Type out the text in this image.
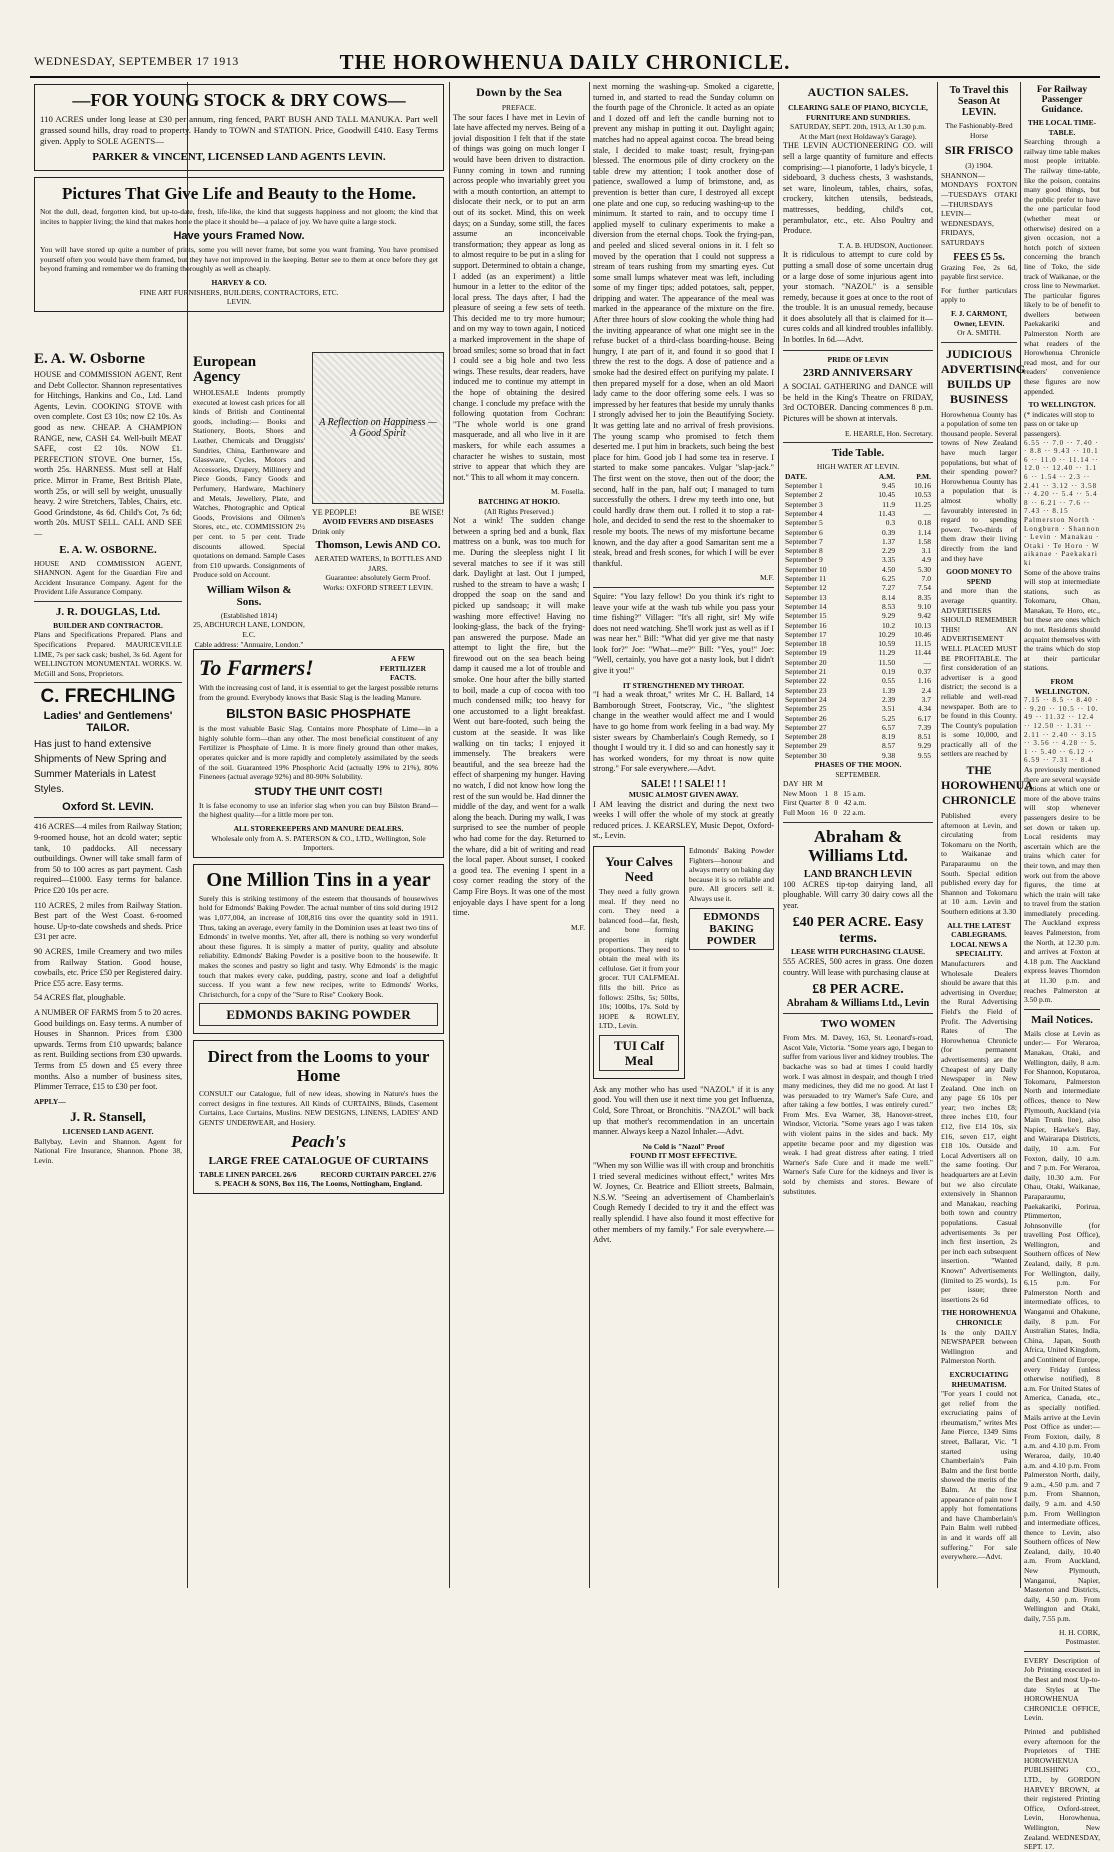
WEDNESDAY, SEPTEMBER 17 1913	THE HOROWHENUA DAILY CHRONICLE.
E. A. W. Osborne

HOUSE and COMMISSION AGENT, Rent and Debt Collector. Shannon representatives for Hitchings, Hankins and Co., Ltd. Land Agents, Levin. COOKING STOVE with oven complete. Cost £3 10s; now £2 10s. As good as new. CHEAP. A CHAMPION RANGE, new, CASH £4. Well-built MEAT SAFE, cost £2 10s. NOW £1. PERFECTION STOVE. One burner, 15s, worth 25s. HARNESS. Must sell at Half price. Mirror in Frame, Best British Plate, worth 25s, or will sell by weight, unusually heavy. 2 wire Stretchers, Tables, Chairs, etc. Good Grindstone, 4s 6d. Child's Cot, 7s 6d; worth 20s. MUST SELL. CALL AND SEE—

E. A. W. OSBORNE.

HOUSE AND COMMISSION AGENT, SHANNON. Agent for the Guardian Fire and Accident Insurance Company. Agent for the Provident Life Assurance Company.

J. R. DOUGLAS, Ltd.
BUILDER AND CONTRACTOR.

Plans and Specifications Prepared. Plans and Specifications Prepared. MAURICEVILLE LIME, 7s per sack cask; bushel, 3s 6d. Agent for WELLINGTON MONUMENTAL WORKS. W. McGill and Sons, Proprietors.

C. FRECHLING
Ladies' and Gentlemens' TAILOR.

Has just to hand extensive Shipments of New Spring and Summer Materials in Latest Styles.

Oxford St. LEVIN.

416 ACRES—4 miles from Railway Station; 9-roomed house, hot an dcold water; septic tank, 10 paddocks. All necessary outbuildings. Owner will take small farm of from 50 to 100 acres as part payment. Cash required—£1000. Easy terms for balance. Price £20 10s per acre.

110 ACRES, 2 miles from Railway Station. Best part of the West Coast. 6-roomed house. Up-to-date cowsheds and sheds. Price £31 per acre.

90 ACRES, 1mile Creamery and two miles from Railway Station. Good house, cowbails, etc. Price £50 per Registered dairy. Price £55 acre. Easy terms.

54 ACRES flat, ploughable.

A NUMBER OF FARMS from 5 to 20 acres. Good buildings on. Easy terms. A number of Houses in Shannon. Prices from £300 upwards. Terms from £10 upwards; balance as rent. Building sections from £30 upwards. Terms from £5 down and £5 every three months. Also a number of business sites, Plimmer Terrace, £15 to £30 per foot.

APPLY—
J. R. Stansell,
LICENSED LAND AGENT.

Ballybay, Levin and Shannon. Agent for National Fire Insurance, Shannon. Phone 38, Levin.

—FOR YOUNG STOCK & DRY COWS—

110 ACRES under long lease at £30 per annum, ring fenced, PART BUSH AND TALL MANUKA. Part well grassed sound hills, dray road to property. Handy to TOWN and STATION. Price, Goodwill £410. Easy Terms given. Apply to SOLE AGENTS—

PARKER & VINCENT, LICENSED LAND AGENTS LEVIN.
Pictures That Give Life and Beauty to the Home.

Not the dull, dead, forgotten kind, but up-to-date, fresh, life-like, the kind that suggests happiness and not gloom; the kind that incites to happier living; the kind that makes home the place it should be—a palace of joy. We have quite a large stock.

Have yours Framed Now.

You will have stored up quite a number of prints, some you will never frame, but some you want framing. You have promised yourself often you would have them framed, but they have not improved in the keeping. Better see to them at once before they get beyond framing and remember we do framing thoroughly as well as cheaply.

HARVEY & CO.
FINE ART FURNISHERS, BUILDERS, CONTRACTORS, ETC.
LEVIN.
European Agency

WHOLESALE Indents promptly executed at lowest cash prices for all kinds of British and Continental goods, including:— Books and Stationery, Boots, Shoes and Leather, Chemicals and Druggists' Sundries, China, Earthenware and Glassware, Cycles, Motors and Accessories, Drapery, Millinery and Piece Goods, Fancy Goods and Perfumery, Hardware, Machinery and Metals, Jewellery, Plate, and Watches, Photographic and Optical Goods, Provisions and Oilmen's Stores, etc., etc. COMMISSION 2½ per cent. to 5 per cent. Trade discounts allowed. Special quotations on demand. Sample Cases from £10 upwards. Consignments of Produce sold on Account.

William Wilson & Sons.
(Established 1814)
25, ABCHURCH LANE, LONDON, E.C.
Cable address: "Annuaire, London."
A Reflection on Happiness — A Good Spirit
YE PEOPLE!	BE WISE!
AVOID FEVERS AND DISEASES
Drink only
Thomson, Lewis AND CO.
AERATED WATERS, In BOTTLES AND JARS.
Guarantee: absolutely Germ Proof.
Works: OXFORD STREET LEVIN.
To Farmers!	A FEW FERTILIZER FACTS.

With the increasing cost of land, it is essential to get the largest possible returns from the ground. Everybody knows that Basic Slag is the leading Manure.

BILSTON BASIC PHOSPHATE

is the most valuable Basic Slag. Contains more Phosphate of Lime—in a highly soluble form—than any other. The most beneficial constituent of any Fertilizer is Phosphate of Lime. It is more finely ground than other makes, operates quicker and is more rapidly and completely assimilated by the seeds of the soil. Guaranteed 19% Phosphoric Acid (actually 19% to 21%), 80% Finenees (actual average 92%) and 80-90% Solubility.

STUDY THE UNIT COST!

It is false economy to use an inferior slag when you can buy Bilston Brand—the highest quality—for a little more per ton.

ALL STOREKEEPERS AND MANURE DEALERS.
Wholesale only from A. S. PATERSON & CO., LTD., Wellington, Sole Importers.
One Million Tins in a year

Surely this is striking testimony of the esteem that thousands of housewives hold for Edmonds' Baking Powder. The actual number of tins sold during 1912 was 1,077,004, an increase of 108,816 tins over the quantity sold in 1911. Thus, taking an average, every family in the Dominion uses at least two tins of Edmonds' in twelve months. Yet, after all, there is nothing so very wonderful about these figures. It is simply a matter of purity, quality and absolute reliability. Edmonds' Baking Powder is a positive boon to the housewife. It makes the scones and pastry so light and tasty. Why Edmonds' is the magic touch that makes every cake, pudding, pastry, scone and loaf a delightful success. If you want a few new recipes, write to Edmonds' Works, Christchurch, for a copy of the "Sure to Rise" Cookery Book.

EDMONDS BAKING POWDER
Direct from the Looms to your Home

CONSULT our Catalogue, full of new ideas, showing in Nature's hues the correct designs in fine textures. All Kinds of CURTAINS, Blinds, Casement Curtains, Lace Curtains, Muslins. NEW DESIGNS, LINENS, LADIES' AND GENTS' UNDERWEAR, and Hosiery.

Peach's
LARGE FREE CATALOGUE OF CURTAINS
TABLE LINEN PARCEL 26/6	RECORD CURTAIN PARCEL 27/6
S. PEACH & SONS, Box 116, The Looms, Nottingham, England.
Down by the Sea
PREFACE.

The sour faces I have met in Levin of late have affected my nerves. Being of a jovial disposition I felt that if the state of things was going on much longer I would have been driven to distraction. Funny coming in town and running across people who invariably greet you with a mouth contortion, an attempt to dislocate their neck, or to put an arm out of its socket. Mind, this on week days; on a Sunday, some still, the faces assume an inconceivable transformation; they appear as long as to almost require to be put in a sling for support. Determined to obtain a change, I added (as an experiment) a little humour in a letter to the editor of the local press. The days after, I had the pleasure of seeing a few sets of teeth. This decided me to try more humour; and on my way to town again, I noticed a marked improvement in the shape of broad smiles; some so broad that in fact I could see a big hole and two less wings. These results, dear readers, have induced me to continue my attempt in the hope of obtaining the desired change. I conclude my preface with the following quotation from Cochran: "The whole world is one grand masquerade, and all who live in it are maskers, for while each assumes a character he wishes to sustain, most strive to appear that which they are not." This to all whom it may concern.

M. Fosella.
BATCHING AT HOKIO.
(All Rights Preserved.)

Not a wink! The sudden change between a spring bed and a bunk, flax mattress on a bunk, was too much for me. During the sleepless night I lit several matches to see if it was still dark. Daylight at last. Out I jumped, rushed to the stream to have a wash; I dropped the soap on the sand and picked up sandsoap; it will make washing more effective! Having no looking-glass, the back of the frying-pan answered the purpose. Made an attempt to light the fire, but the firewood out on the sea beach being damp it caused me a lot of trouble and smoke. One hour after the billy started to boil, made a cup of cocoa with too much condensed milk; too heavy for one accustomed to a light breakfast. Went out bare-footed, such being the custom at the seaside. It was like walking on tin tacks; I enjoyed it immensely. The breakers were beautiful, and the sea breeze had the effect of sharpening my hunger. Having no watch, I did not know how long the rest of the sun would be. Had dinner the middle of the day, and went for a walk along the beach. During my walk, I was surprised to see the number of people who had come for the day. Returned to the whare, did a bit of writing and read the local paper. About sunset, I cooked a good tea. The evening I spent in a cosy corner reading the story of the Camp Fire Boys. It was one of the most enjoyable days I have spent for a long time.

M.F.

next morning the washing-up. Smoked a cigarette, turned in, and started to read the Sunday column on the fourth page of the Chronicle. It acted as an opiate and I dozed off and left the candle burning not to prevent any mishap in putting it out. Daylight again; matches had no appeal against cocoa. The bread being stale, I decided to make toast; result, frying-pan blessed. The enormous pile of dirty crockery on the table drew my attention; I took another dose of patience, swallowed a lump of brimstone, and, as prevention is better than cure, I destroyed all except one plate and one cup, so reducing washing-up to the minimum. It started to rain, and to occupy time I applied myself to culinary experiments to make a diversion from the eternal chops. Took the frying-pan, and peeled and sliced several onions in it. I felt so moved by the operation that I could not suppress a stream of tears rushing from my smarting eyes. Cut some small lumps whatever meat was left, including some of my finger tips; added potatoes, salt, pepper, dripping and water. The appearance of the meal was marked in the appearance of the mixture on the fire. After three hours of slow cooking the whole thing had the inviting appearance of what one might see in the refuse bucket of a third-class boarding-house. Being hungry, I ate part of it, and found it so good that I threw the rest to the dogs. A dose of patience and a smoke had the desired effect on purifying my palate. I then prepared myself for a dose, when an old Maori lady came to the door offering some eels. I was so impressed by her features that beside my unruly thanks I strongly advised her to join the Beautifying Society. It was getting late and no arrival of fresh provisions. The young scamp who promised to fetch them deserted me. I put him in brackets, such being the best place for him. Good job I had some tea in reserve. I started to make some pancakes. Vulgar "slap-jack." The first went on the stove, then out of the door; the second, half in the pan, half out; I managed to turn successfully the others. I drew my teeth into one, but could hardly draw them out. I rolled it to stop a rat-hole, and decided to send the rest to the shoemaker to resole my boots. The news of my misfortune became known, and the day after a good Samaritan sent me a steak, bread and fresh scones, for which I will be ever thankful.

M.F.

Squire: "You lazy fellow! Do you think it's right to leave your wife at the wash tub while you pass your time fishing?" Villager: "It's all right, sir! My wife does not need watching. She'll work just as well as if I was near her." Bill: "What did yer give me that nasty look for?" Joe: "What—me?" Bill: "Yes, you!" Joe: "Well, certainly, you have got a nasty look, but I didn't give it you!"

IT STRENGTHENED MY THROAT.

"I had a weak throat," writes Mr C. H. Ballard, 14 Bamborough Street, Footscray, Vic., "the slightest change in the weather would affect me and I would have to go home from work feeling in a bad way. My sister swears by Chamberlain's Cough Remedy, so I thought I would try it. I did so and can honestly say it has worked wonders, for my throat is now quite strong." For sale everywhere.—Advt.

SALE! ! ! SALE! ! !
MUSIC ALMOST GIVEN AWAY.

I AM leaving the district and during the next two weeks I will offer the whole of my stock at greatly reduced prices. J. KEARSLEY, Music Depot, Oxford-st., Levin.

Your Calves Need

They need a fully grown meal. If they need no corn. They need a balanced food—fat, flesh, and bone forming properties in right proportions. They need to obtain the meal with its cellulose. Get it from your grocer. TUI CALFMEAL fills the bill. Price as follows: 25lbs, 5s; 50lbs, 10s; 100lbs, 17s. Sold by HOPE & ROWLEY, LTD., Levin.

TUI Calf Meal

Edmonds' Baking Powder Fighters—honour and always merry on baking day because it is so reliable and pure. All grocers sell it. Always use it.

EDMONDS BAKING POWDER

Ask any mother who has used "NAZOL" if it is any good. You will then use it next time you get Influenza, Cold, Sore Throat, or Bronchitis. "NAZOL" will back up that mother's recommendation in an uncertain manner. Always keep a Nazol Inhaler.—Advt.

No Cold is "Nazol" Proof
FOUND IT MOST EFFECTIVE.

"When my son Willie was ill with croup and bronchitis I tried several medicines without effect," writes Mrs W. Joynes, Cr. Beatrice and Elliott streets, Balmain, N.S.W. "Seeing an advertisement of Chamberlain's Cough Remedy I decided to try it and the effect was really splendid. I have also found it most effective for other members of my family." For sale everywhere.—Advt.

AUCTION SALES.
CLEARING SALE OF PIANO, BICYCLE, FURNITURE AND SUNDRIES.
SATURDAY, SEPT. 20th, 1913, At 1.30 p.m.
At the Mart (next Holdaway's Garage).

THE LEVIN AUCTIONEERING CO. will sell a large quantity of furniture and effects comprising:—1 pianoforte, 1 lady's bicycle, 1 sideboard, 3 duchess chests, 3 washstands, set ware, linoleum, tables, chairs, sofas, crockery, kitchen utensils, bedsteads, mattresses, bedding, child's cot, perambulator, etc., etc. Also Poultry and Produce.

T. A. B. HUDSON, Auctioneer.

It is ridiculous to attempt to cure cold by putting a small dose of some uncertain drug or a large dose of some injurious agent into your stomach. "NAZOL" is a sensible remedy, because it goes at once to the root of the trouble. It is an unusual remedy, because it does absolutely all that is claimed for it—cures colds and all kindred troubles infallibly. In bottles. In 6d.—Advt.

PRIDE OF LEVIN
23RD ANNIVERSARY

A SOCIAL GATHERING and DANCE will be held in the King's Theatre on FRIDAY, 3rd OCTOBER. Dancing commences 8 p.m. Pictures will be shown at intervals.

E. HEARLE, Hon. Secretary.
Tide Table.
HIGH WATER AT LEVIN.
DATE.	A.M.	P.M.
September 1	9.45	10.16
September 2	10.45	10.53
September 3	11.9	11.25
September 4	11.43	—
September 5	0.3	0.18
September 6	0.39	1.14
September 7	1.37	1.58
September 8	2.29	3.1
September 9	3.35	4.9
September 10	4.50	5.30
September 11	6.25	7.0
September 12	7.27	7.54
September 13	8.14	8.35
September 14	8.53	9.10
September 15	9.29	9.42
September 16	10.2	10.13
September 17	10.29	10.46
September 18	10.59	11.15
September 19	11.29	11.44
September 20	11.50	—
September 21	0.19	0.37
September 22	0.55	1.16
September 23	1.39	2.4
September 24	2.39	3.7
September 25	3.51	4.34
September 26	5.25	6.17
September 27	6.57	7.39
September 28	8.19	8.51
September 29	8.57	9.29
September 30	9.38	9.55
PHASES OF THE MOON.
SEPTEMBER.
DAY  HR  M
New Moon    1   8   15 a.m.
First Quarter  8   0   42 a.m.
Full Moon   16   0   22 a.m.
Abraham & Williams Ltd.
LAND BRANCH LEVIN

100 ACRES tip-top dairying land, all ploughable. Will carry 30 dairy cows all the year.

£40 PER ACRE. Easy terms.
LEASE WITH PURCHASING CLAUSE.

555 ACRES, 500 acres in grass. One dozen country. Will lease with purchasing clause at

£8 PER ACRE.
Abraham & Williams Ltd., Levin
TWO WOMEN

From Mrs. M. Davey, 163, St. Leonard's-road, Ascot Vale, Victoria. "Some years ago, I began to suffer from various liver and kidney troubles. The backache was so bad at times I could hardly work. I was almost in despair, and though I tried many medicines, they did me no good. At last I was persuaded to try Warner's Safe Cure, and after taking a few bottles, I was entirely cured." From Mrs. Eva Warner, 38, Hanover-street, Windsor, Victoria. "Some years ago I was taken with violent pains in the sides and back. My appetite became poor and my digestion was weak. I had great distress after eating. I tried Warner's Safe Cure and it made me well." Warner's Safe Cure for the kidneys and liver is sold by chemists and stores. Beware of substitutes.

To Travel this Season At LEVIN.
The Fashionably-Bred Horse
SIR FRISCO
(3) 1904.

SHANNON—MONDAYS FOXTON—TUESDAYS OTAKI—THURSDAYS LEVIN—WEDNESDAYS, FRIDAYS, SATURDAYS

FEES £5 5s.

Grazing Fee, 2s 6d, payable first service.

For further particulars apply to

F. J. CARMONT, Owner, LEVIN.
Or A. SMITH.
JUDICIOUS ADVERTISING BUILDS UP BUSINESS

Horowhenua County has a population of some ten thousand people. Several towns of New Zealand have much larger populations, but what of their spending power? Horowhenua County has a population that is almost wholly favourably interested in regard to spending power. Two-thirds of them draw their living directly from the land and they have

GOOD MONEY TO SPEND

and more than the average quantity. ADVERTISERS SHOULD REMEMBER THIS! AN ADVERTISEMENT WELL PLACED MUST BE PROFITABLE. The first consideration of an advertiser is a good district; the second is a reliable and well-read newspaper. Both are to be found in this County. The County's population is some 10,000, and practically all of the settlers are reached by

THE HOROWHENUA CHRONICLE

Published every afternoon at Levin, and circulating from Tokomaru on the North, to Waikanae and Paraparaumu on the South. Special edition published every day for Shannon and Tokomaru at 10 a.m. Levin and Southern editions at 3.30

ALL THE LATEST CABLEGRAMS.
LOCAL NEWS A SPECIALITY.

Manufacturers and Wholesale Dealers should be aware that this advertising in Overdue; the Rural Advertising Field's the Field of Profit. The Advertising Rates of The Horowhenua Chronicle (for permanent advertisements) are the Cheapest of any Daily Newspaper in New Zealand. One inch on any page £6 10s per year; two inches £8; three inches £10, four £12, five £14 10s, six £16, seven £17, eight £18 10s. Outside and Local Advertisers all on the same footing. Our headquarters are at Levin but we also circulate extensively in Shannon and Manakau, reaching both town and country populations. Casual advertisements 3s per inch first insertion, 2s per inch each subsequent insertion. "Wanted Known" Advertisements (limited to 25 words), 1s per issue; three insertions 2s 6d

THE HOROWHENUA CHRONICLE

Is the only DAILY NEWSPAPER between Wellington and Palmerston North.

EXCRUCIATING RHEUMATISM.

"For years I could not get relief from the excruciating pains of rheumatism," writes Mrs Jane Pierce, 1349 Sims street, Ballarat, Vic. "I started using Chamberlain's Pain Balm and the first bottle showed the merits of the Balm. At the first appearance of pain now I apply hot fomentations and have Chamberlain's Pain Balm well rubbed in and it wards off all suffering." For sale everywhere.—Advt.

For Railway Passenger Guidance.
THE LOCAL TIME-TABLE.

Searching through a railway time table makes most people irritable. The railway time-table, like the poison, contains many good things, but the public prefer to have the one particular food (whether meat or otherwise) desired on a given occasion, not a hotch potch of sixteen concerning the branch line of Toko, the side track of Waikanae, or the cross line to Newmarket. The particular figures likely to be of benefit to dwellers between Paekakariki and Palmerston North are what readers of the Horowhenua Chronicle read most, and for our readers' convenience these figures are now appended.

TO WELLINGTON.
(* indicates will stop to pass on or take up passengers).
6.55 ·· 7.0 ·· 7.40 ·· 8.8 ·· 9.43 ·· 10.16 ·· 11.0 ·· 11.14 ·· 12.0 ·· 12.40 ·· 1.16 ·· 1.54 ·· 2.3 ·· 2.41 ·· 3.12 ·· 3.58 ·· 4.20 ·· 5.4 ·· 5.48 ·· 6.21 ·· 7.6 ·· 7.43 ·· 8.15
Palmerston North · Longburn · Shannon · Levin · Manakau · Otaki · Te Horo · Waikanae · Paekakariki

Some of the above trains will stop at intermediate stations, such as Tokomaru, Ohau, Manakau, Te Horo, etc., but these are ones which do not. Residents should acquaint themselves with the trains which do stop at their particular stations.

FROM WELLINGTON.
7.15 ·· 8.5 ·· 8.40 ·· 9.20 ·· 10.5 ·· 10.49 ·· 11.32 ·· 12.4 ·· 12.50 ·· 1.31 ·· 2.11 ·· 2.40 ·· 3.15 ·· 3.56 ·· 4.28 ·· 5.1 ·· 5.40 ·· 6.12 ·· 6.59 ·· 7.31 ·· 8.4

As previously mentioned there are several wayside stations at which one or more of the above trains will stop whenever passengers desire to be set down or taken up. Local residents may ascertain which are the trains which cater for their town, and may then work out from the above figures, the time at which the train will take to travel from the station immediately preceding. The Auckland express leaves Palmerston, from the North, at 12.30 p.m. and arrives at Foxton at 4.18 p.m. The Auckland express leaves Thorndon at 11.30 p.m. and reaches Palmerston at 3.50 p.m.

Mail Notices.

Mails close at Levin as under:— For Weraroa, Manakau, Otaki, and Wellington, daily, 8 a.m. For Shannon, Koputaroa, Tokomaru, Palmerston North and intermediate offices, thence to New Plymouth, Auckland (via Main Trunk line), also Napier, Hawke's Bay, and Wairarapa Districts, daily, 10 a.m. For Foxton, daily, 10 a.m. and 7 p.m. For Weraroa, daily, 10.30 a.m. For Ohau, Otaki, Waikanae, Paraparaumu, Paekakariki, Porirua, Plimmerton, Johnsonville (for travelling Post Office), Wellington, and Southern offices of New Zealand, daily, 8 p.m. For Wellington, daily, 6.15 p.m. For Palmerston North and intermediate offices, to Wanganui and Ohakune, daily, 8 p.m. For Australian States, India, China, Japan, South Africa, United Kingdom, and Continent of Europe, every Friday (unless otherwise notified), 8 a.m. For United States of America, Canada, etc., as specially notified. Mails arrive at the Levin Post Office as under:— From Foxton, daily, 8 a.m. and 4.10 p.m. From Weraroa, daily, 10.40 a.m. and 4.10 p.m. From Palmerston North, daily, 9 a.m., 4.50 p.m. and 7 p.m. From Shannon, daily, 9 a.m. and 4.50 p.m. From Wellington and intermediate offices, thence to Levin, also Southern offices of New Zealand, daily, 10.40 a.m. From Auckland, New Plymouth, Wanganui, Napier, Masterton and Districts, daily, 4.50 p.m. From Wellington and Otaki, daily, 7.55 p.m.

H. H. CORK, Postmaster.

EVERY Description of Job Printing executed in the Best and most Up-to-date Styles at The HOROWHENUA CHRONICLE OFFICE, Levin.

Printed and published every afternoon for the Proprietors of THE HOROWHENUA PUBLISHING CO., LTD., by GORDON HARVEY BROWN, at their registered Printing Office, Oxford-street, Levin, Horowhenua, Wellington, New Zealand. WEDNESDAY, SEPT. 17.
